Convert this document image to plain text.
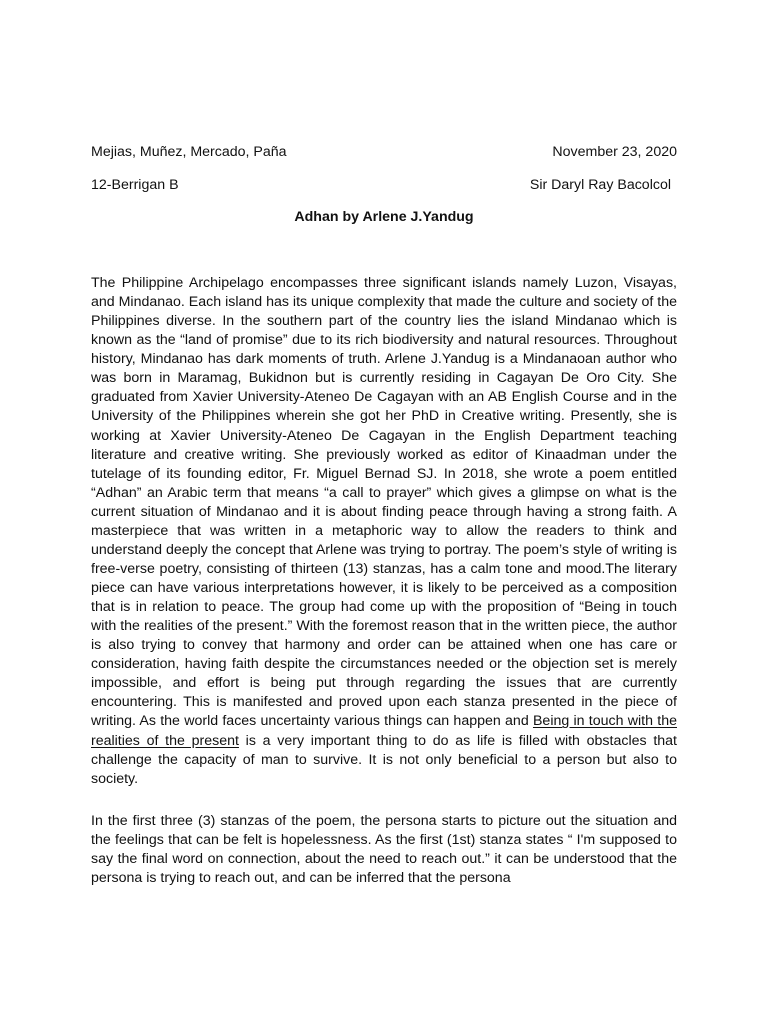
Mejias, Muñez, Mercado, Paña	November 23, 2020
12-Berrigan B	Sir Daryl Ray Bacolcol
Adhan by Arlene J.Yandug

The Philippine Archipelago encompasses three significant islands namely Luzon, Visayas, and Mindanao. Each island has its unique complexity that made the culture and society of the Philippines diverse. In the southern part of the country lies the island Mindanao which is known as the “land of promise” due to its rich biodiversity and natural resources. Throughout history, Mindanao has dark moments of truth. Arlene J.Yandug is a Mindanaoan author who was born in Maramag, Bukidnon but is currently residing in Cagayan De Oro City. She graduated from Xavier University-Ateneo De Cagayan with an AB English Course and in the University of the Philippines wherein she got her PhD in Creative writing. Presently, she is working at Xavier University-Ateneo De Cagayan in the English Department teaching literature and creative writing. She previously worked as editor of Kinaadman under the tutelage of its founding editor, Fr. Miguel Bernad SJ. In 2018, she wrote a poem entitled “Adhan” an Arabic term that means “a call to prayer” which gives a glimpse on what is the current situation of Mindanao and it is about finding peace through having a strong faith. A masterpiece that was written in a metaphoric way to allow the readers to think and understand deeply the concept that Arlene was trying to portray. The poem’s style of writing is free-verse poetry, consisting of thirteen (13) stanzas, has a calm tone and mood.The literary piece can have various interpretations however, it is likely to be perceived as a composition that is in relation to peace. The group had come up with the proposition of “Being in touch with the realities of the present.” With the foremost reason that in the written piece, the author is also trying to convey that harmony and order can be attained when one has care or consideration, having faith despite the circumstances needed or the objection set is merely impossible, and effort is being put through regarding the issues that are currently encountering. This is manifested and proved upon each stanza presented in the piece of writing. As the world faces uncertainty various things can happen and Being in touch with the realities of the present is a very important thing to do as life is filled with obstacles that challenge the capacity of man to survive. It is not only beneficial to a person but also to society.

In the first three (3) stanzas of the poem, the persona starts to picture out the situation and the feelings that can be felt is hopelessness. As the first (1st) stanza states “ I'm supposed to say the final word on connection, about the need to reach out.” it can be understood that the persona is trying to reach out, and can be inferred that the persona
